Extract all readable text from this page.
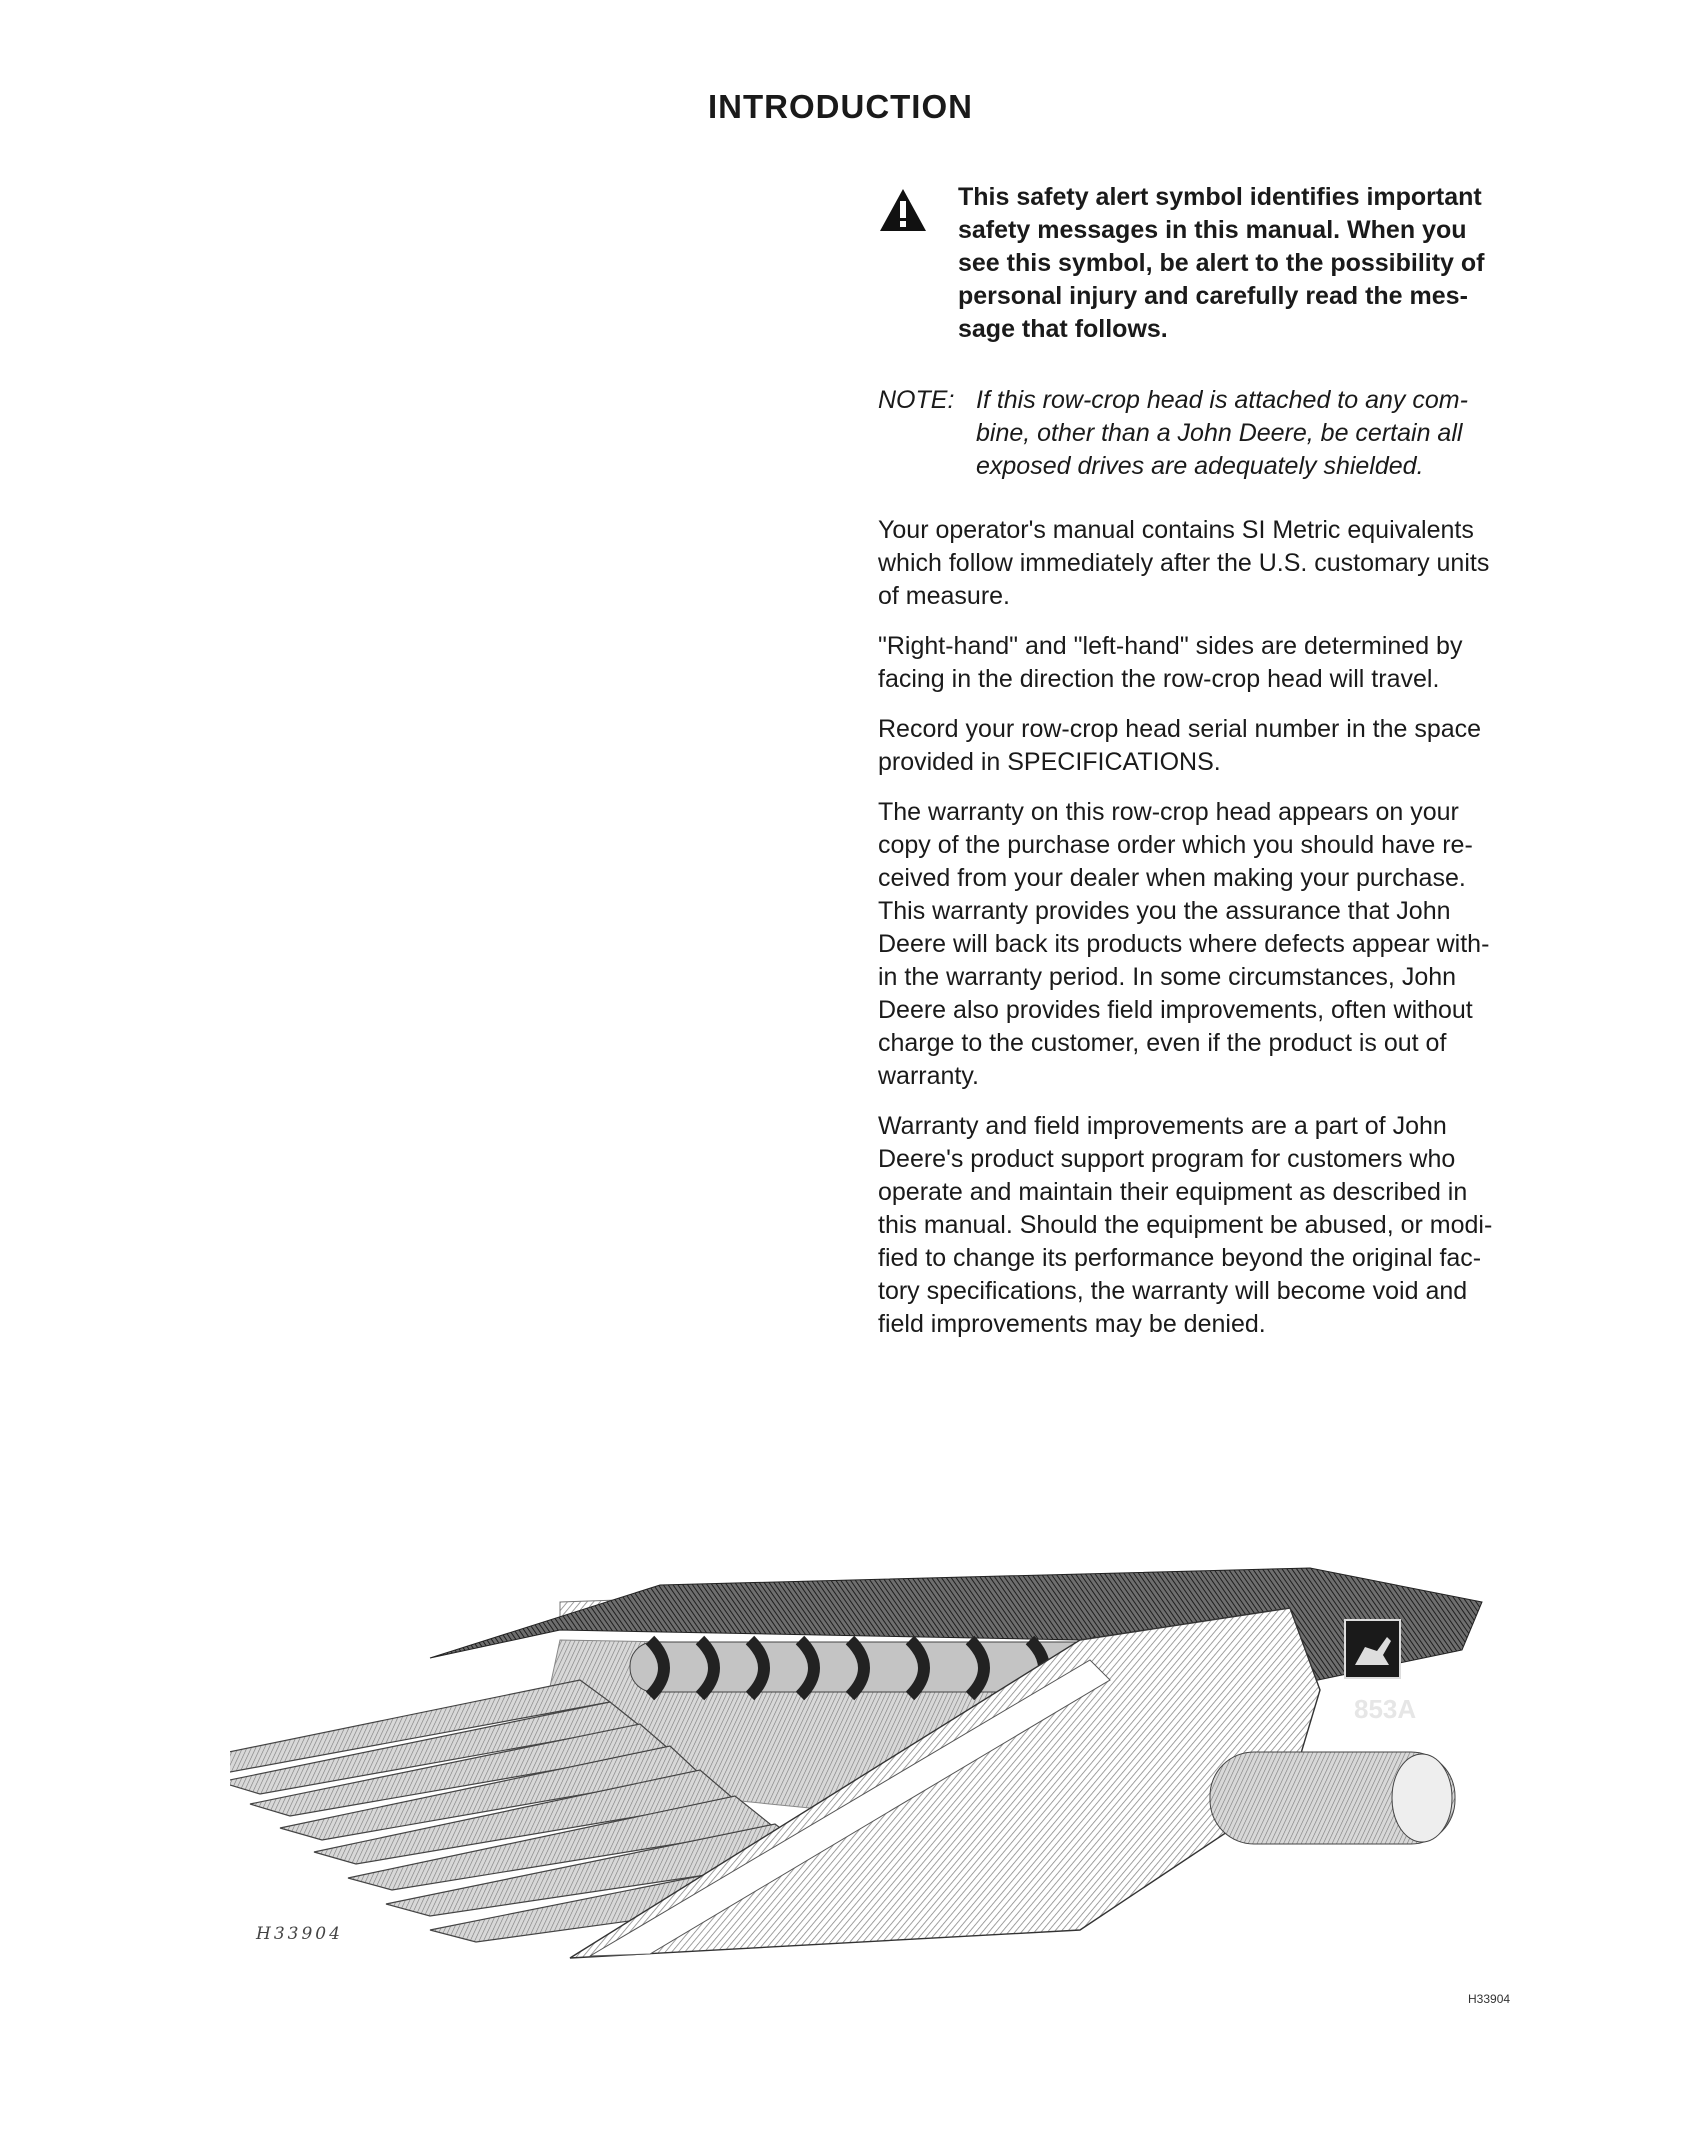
INTRODUCTION
This safety alert symbol identifies important
safety messages in this manual. When you
see this symbol, be alert to the possibility of
personal injury and carefully read the mes-
sage that follows.
NOTE: If this row-crop head is attached to any com-
bine, other than a John Deere, be certain all
exposed drives are adequately shielded.

Your operator's manual contains SI Metric equivalents
which follow immediately after the U.S. customary units
of measure.

"Right-hand" and "left-hand" sides are determined by
facing in the direction the row-crop head will travel.

Record your row-crop head serial number in the space
provided in SPECIFICATIONS.

The warranty on this row-crop head appears on your
copy of the purchase order which you should have re-
ceived from your dealer when making your purchase.
This warranty provides you the assurance that John
Deere will back its products where defects appear with-
in the warranty period. In some circumstances, John
Deere also provides field improvements, often without
charge to the customer, even if the product is out of
warranty.

Warranty and field improvements are a part of John
Deere's product support program for customers who
operate and maintain their equipment as described in
this manual. Should the equipment be abused, or modi-
fied to change its performance beyond the original fac-
tory specifications, the warranty will become void and
field improvements may be denied.

853A
H33904
H33904
